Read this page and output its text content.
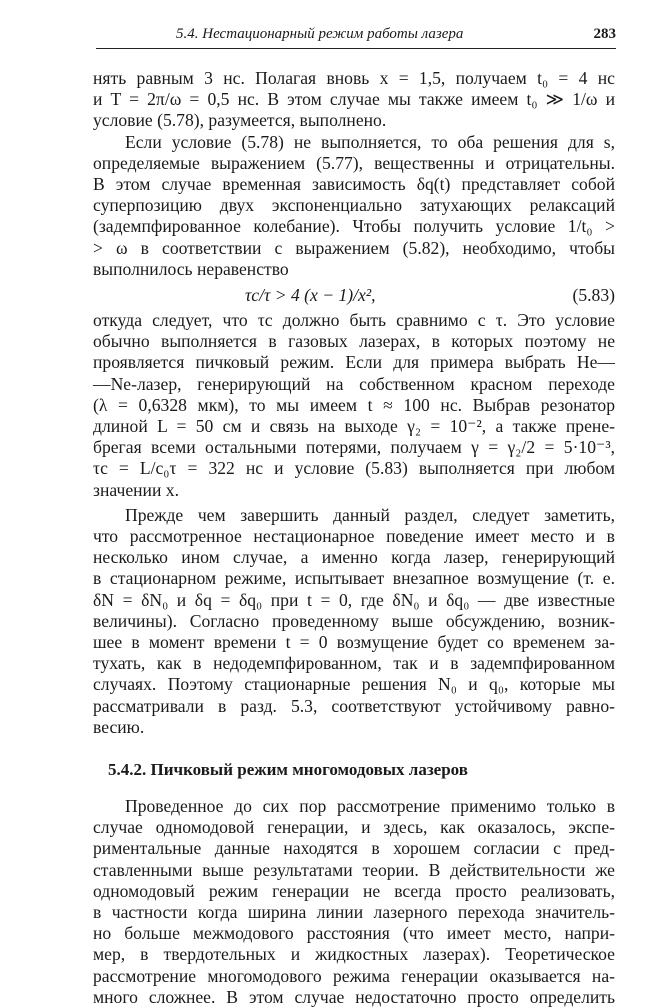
5.4. Нестационарный режим работы лазера	283
нять равным 3 нс. Полагая вновь x = 1,5, получаем t₀ = 4 нс
и T = 2π/ω = 0,5 нс. В этом случае мы также имеем t₀ ≫ 1/ω и
условие (5.78), разумеется, выполнено.
Если условие (5.78) не выполняется, то оба решения для s,
определяемые выражением (5.77), вещественны и отрицательны.
В этом случае временная зависимость δq(t) представляет собой
суперпозицию двух экспоненциально затухающих релаксаций
(задемпфированное колебание). Чтобы получить условие 1/t₀ >
> ω в соответствии с выражением (5.82), необходимо, чтобы
выполнилось неравенство
τc/τ > 4 (x − 1)/x²,	(5.83)
откуда следует, что τc должно быть сравнимо с τ. Это условие
обычно выполняется в газовых лазерах, в которых поэтому не
проявляется пичковый режим. Если для примера выбрать He—
—Ne-лазер, генерирующий на собственном красном переходе
(λ = 0,6328 мкм), то мы имеем t ≈ 100 нс. Выбрав резонатор
длиной L = 50 см и связь на выходе γ₂ = 10⁻², а также прене-
брегая всеми остальными потерями, получаем γ = γ₂/2 = 5·10⁻³,
τc = L/c₀τ = 322 нс и условие (5.83) выполняется при любом
значении x.
Прежде чем завершить данный раздел, следует заметить,
что рассмотренное нестационарное поведение имеет место и в
несколько ином случае, а именно когда лазер, генерирующий
в стационарном режиме, испытывает внезапное возмущение (т. е.
δN = δN₀ и δq = δq₀ при t = 0, где δN₀ и δq₀ — две известные
величины). Согласно проведенному выше обсуждению, возник-
шее в момент времени t = 0 возмущение будет со временем за-
тухать, как в недодемпфированном, так и в задемпфированном
случаях. Поэтому стационарные решения N₀ и q₀, которые мы
рассматривали в разд. 5.3, соответствуют устойчивому равно-
весию.
5.4.2. Пичковый режим многомодовых лазеров
Проведенное до сих пор рассмотрение применимо только в
случае одномодовой генерации, и здесь, как оказалось, экспе-
риментальные данные находятся в хорошем согласии с пред-
ставленными выше результатами теории. В действительности же
одномодовый режим генерации не всегда просто реализовать,
в частности когда ширина линии лазерного перехода значитель-
но больше межмодового расстояния (что имеет место, напри-
мер, в твердотельных и жидкостных лазерах). Теоретическое
рассмотрение многомодового режима генерации оказывается на-
много сложнее. В этом случае недостаточно просто определить
